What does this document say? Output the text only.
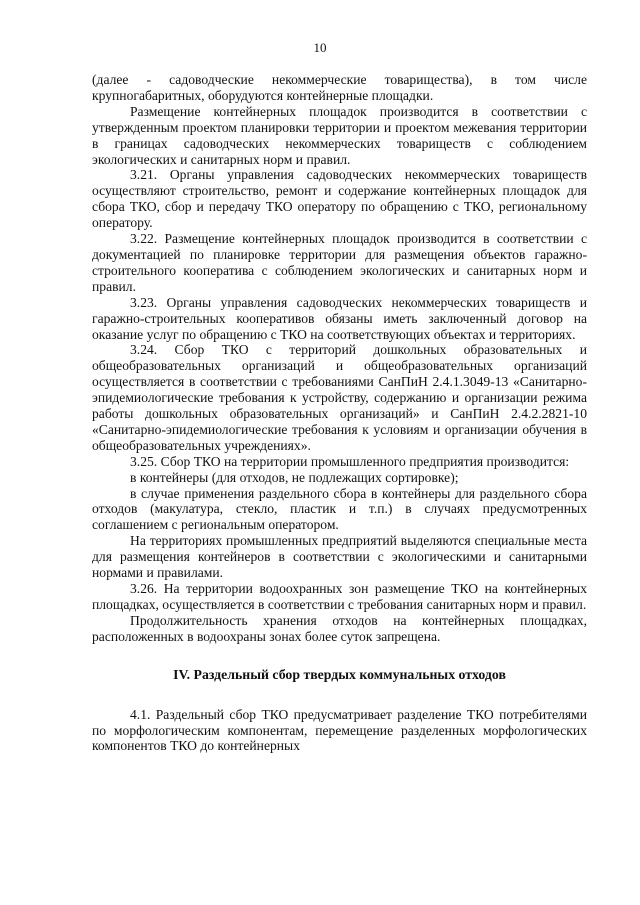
10

(далее - садоводческие некоммерческие товарищества), в том числе крупногабаритных, оборудуются контейнерные площадки.

Размещение контейнерных площадок производится в соответствии с утвержденным проектом планировки территории и проектом межевания территории в границах садоводческих некоммерческих товариществ с соблюдением экологических и санитарных норм и правил.

3.21. Органы управления садоводческих некоммерческих товариществ осуществляют строительство, ремонт и содержание контейнерных площадок для сбора ТКО, сбор и передачу ТКО оператору по обращению с ТКО, региональному оператору.

3.22. Размещение контейнерных площадок производится в соответствии с документацией по планировке территории для размещения объектов гаражно-строительного кооператива с соблюдением экологических и санитарных норм и правил.

3.23. Органы управления садоводческих некоммерческих товариществ и гаражно-строительных кооперативов обязаны иметь заключенный договор на оказание услуг по обращению с ТКО на соответствующих объектах и территориях.

3.24. Сбор ТКО с территорий дошкольных образовательных и общеобразовательных организаций и общеобразовательных организаций осуществляется в соответствии с требованиями СанПиН 2.4.1.3049-13 «Санитарно-эпидемиологические требования к устройству, содержанию и организации режима работы дошкольных образовательных организаций» и СанПиН 2.4.2.2821-10 «Санитарно-эпидемиологические требования к условиям и организации обучения в общеобразовательных учреждениях».

3.25. Сбор ТКО на территории промышленного предприятия производится:

в контейнеры (для отходов, не подлежащих сортировке);

в случае применения раздельного сбора в контейнеры для раздельного сбора отходов (макулатура, стекло, пластик и т.п.) в случаях предусмотренных соглашением с региональным оператором.

На территориях промышленных предприятий выделяются специальные места для размещения контейнеров в соответствии с экологическими и санитарными нормами и правилами.

3.26. На территории водоохранных зон размещение ТКО на контейнерных площадках, осуществляется в соответствии с требования санитарных норм и правил.

Продолжительность хранения отходов на контейнерных площадках, расположенных в водоохраны зонах более суток запрещена.

IV. Раздельный сбор твердых коммунальных отходов

4.1. Раздельный сбор ТКО предусматривает разделение ТКО потребителями по морфологическим компонентам, перемещение разделенных морфологических компонентов ТКО до контейнерных
